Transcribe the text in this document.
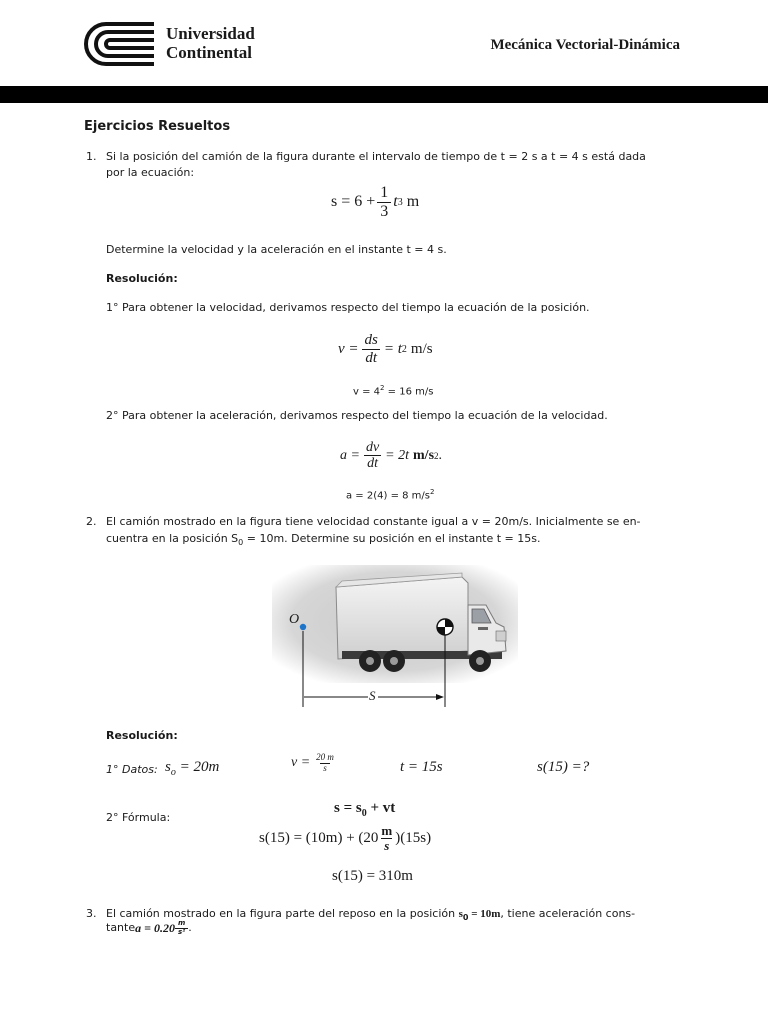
Universidad
Continental	Mecánica Vectorial-Dinámica
Ejercicios Resueltos
1. Si la posición del camión de la figura durante el intervalo de tiempo de t = 2 s a t = 4 s está dada
por la ecuación:
$s = 6 + \frac{1}{3}$ t 3 m
Determine la velocidad y la aceleración en el instante t = 4 s.
Resolución:
1° Para obtener la velocidad, derivamos respecto del tiempo la ecuación de la posición.
$v = \frac{ds}{dt} = t$ 2 m/s
$v = 4^2 = 16$ m/s
2° Para obtener la aceleración, derivamos respecto del tiempo la ecuación de la velocidad.
$a = \frac{dv}{dt} = 2t$ m/s 2 .
a = 2(4) = 8 $m/s^2$
2. El camión mostrado en la figura tiene velocidad constante igual a v = 20m/s. Inicialmente se en-
cuentra en la posición $S_0 = 10m$. Determine su posición en el instante t = 15s.
O
S
Resolución:
1° Datos: $s_o = 20m$	$v = \frac{20 m}{s}$	t = 15s	s(15) =?
2° Fórmula:
$s = s_0$ + vt
$s(15) = (10m) + (20 \frac{m}{s} )(15s)$
s(15) = 310m
3. El camión mostrado en la figura parte del reposo en la posición $s_0 = 10m$, tiene aceleración cons-
tante $a = 0.20 \frac{m}{\text{s²}}$ .
